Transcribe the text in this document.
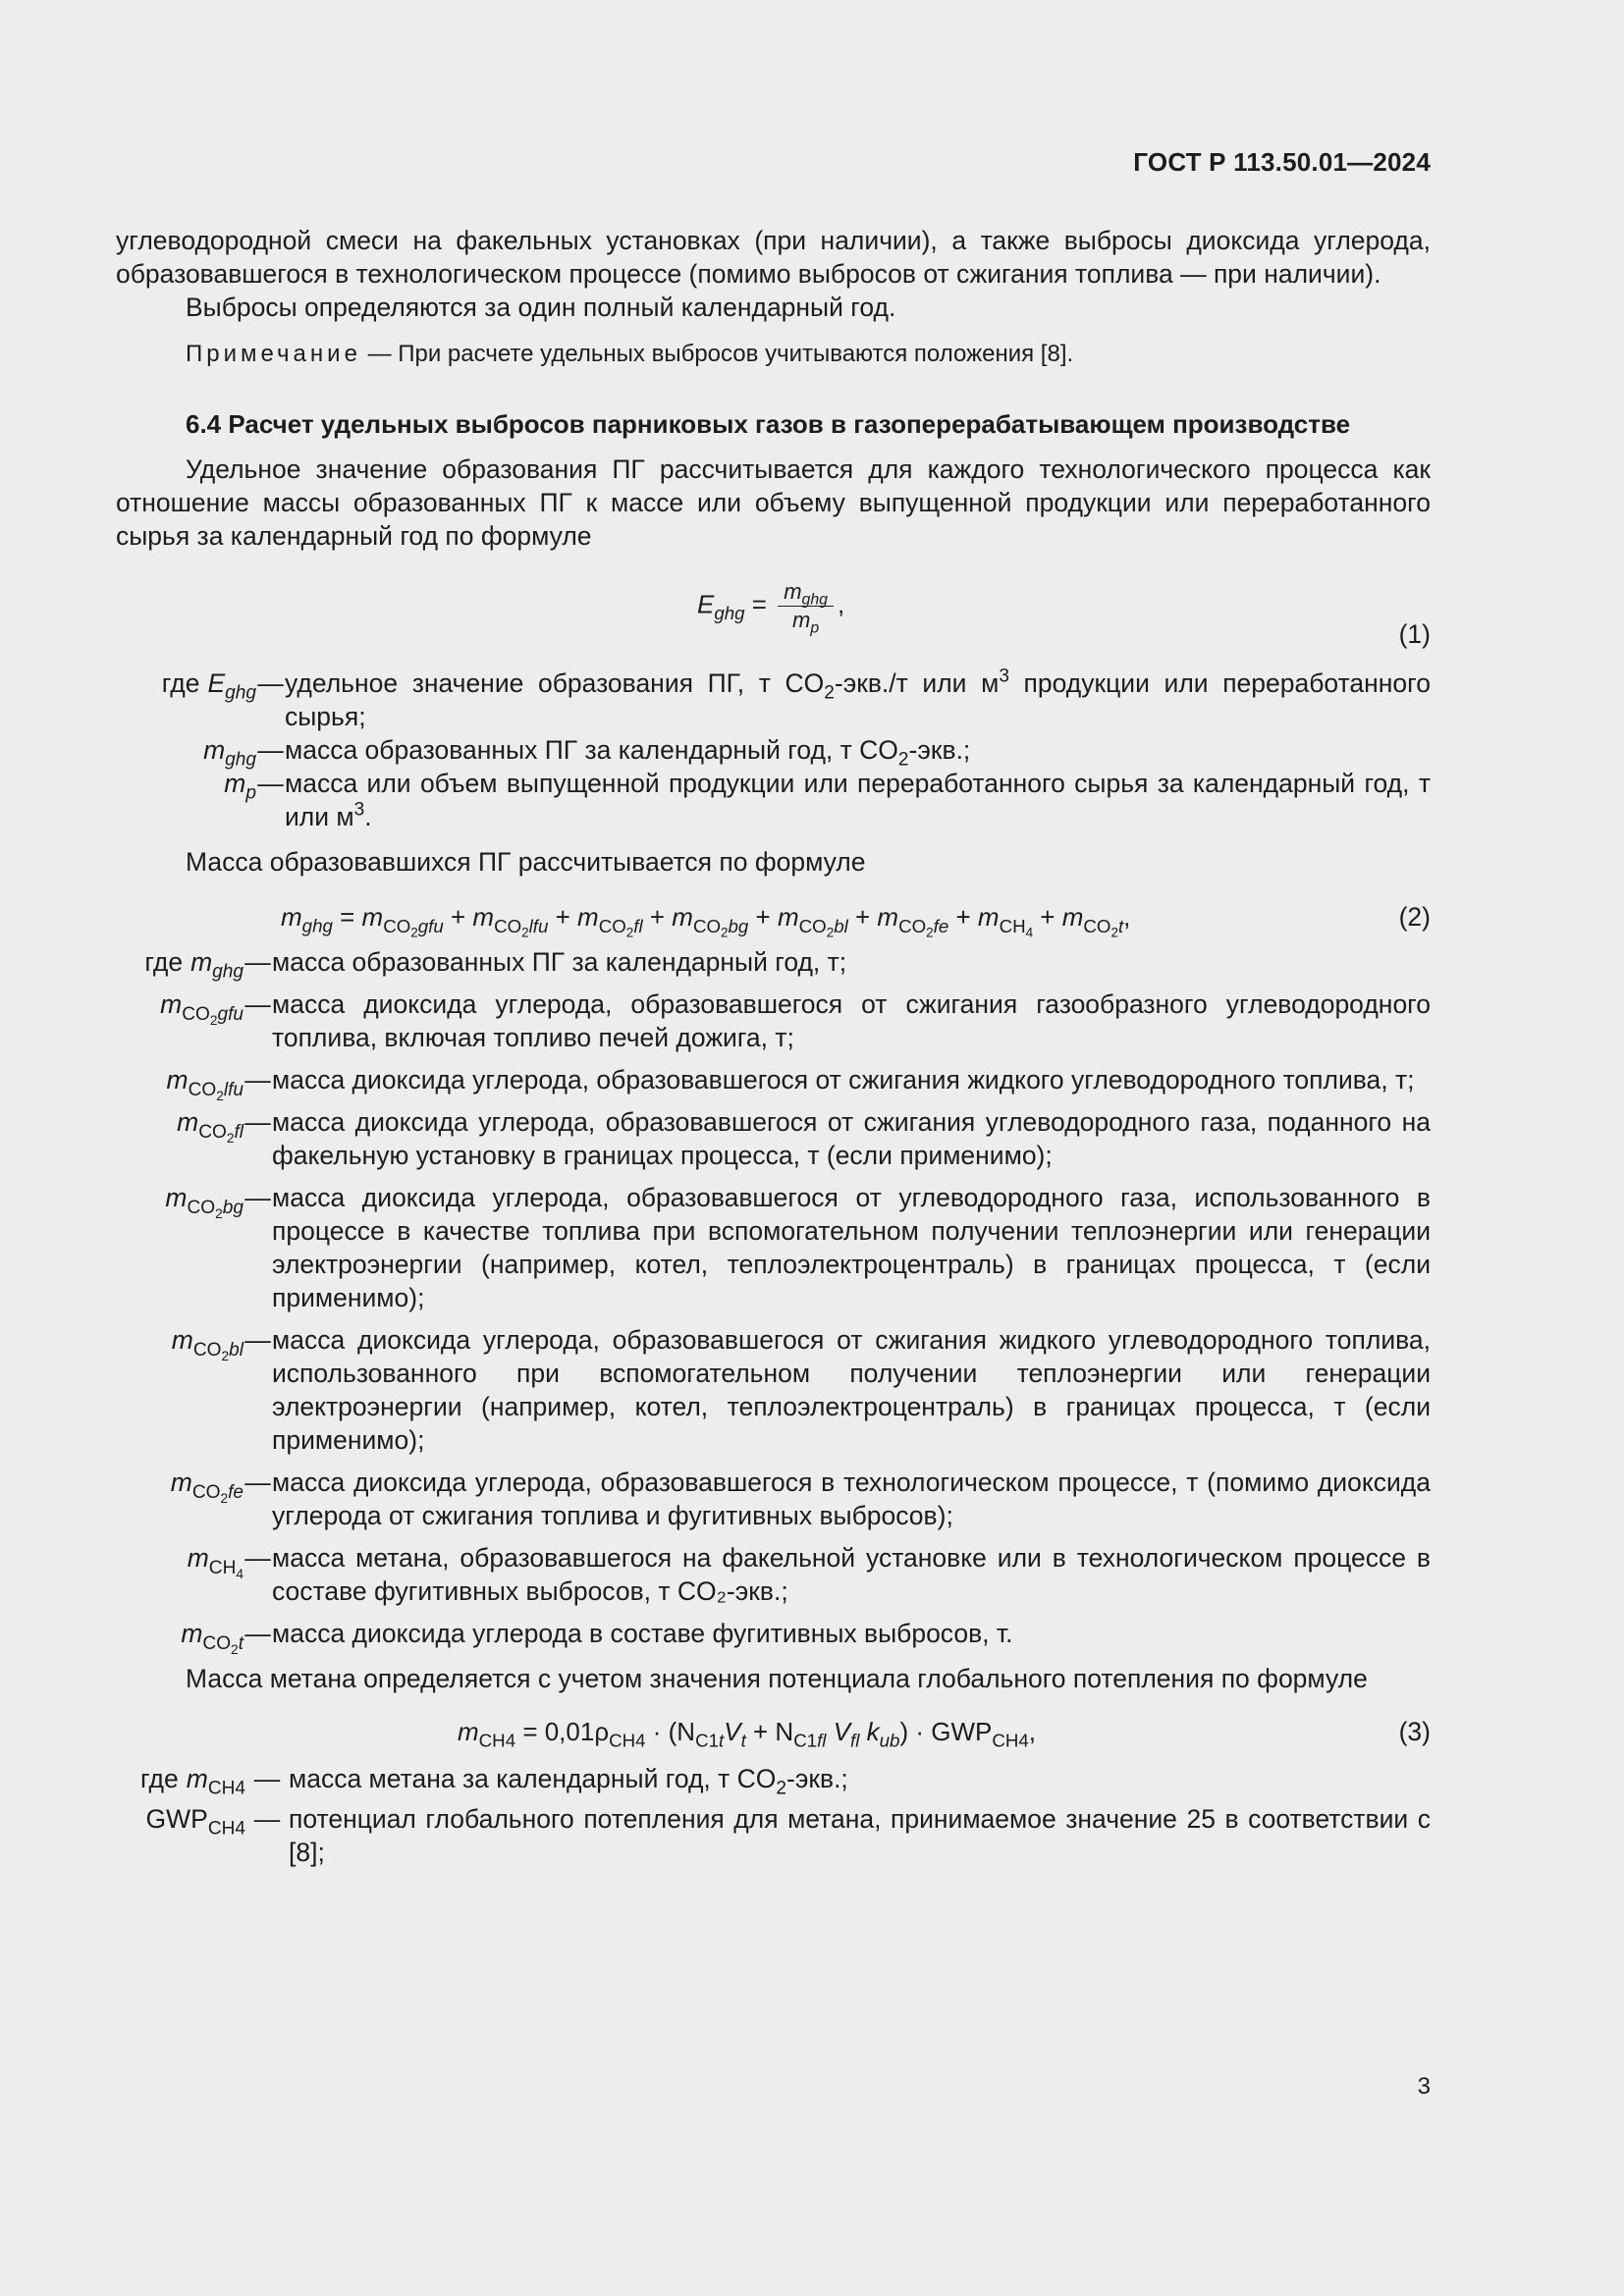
ГОСТ Р 113.50.01—2024

углеводородной смеси на факельных установках (при наличии), а также выбросы диоксида углерода, образовавшегося в технологическом процессе (помимо выбросов от сжигания топлива — при наличии).

Выбросы определяются за один полный календарный год.

Примечание — При расчете удельных выбросов учитываются положения [8].
6.4 Расчет удельных выбросов парниковых газов в газоперерабатывающем производстве

Удельное значение образования ПГ рассчитывается для каждого технологического процесса как отношение массы образованных ПГ к массе или объему выпущенной продукции или переработанного сырья за календарный год по формуле

$E_{ghg} = \frac{m_{ghg}}{m_p}$ ,
(1)
где $E_{ghg}$ — удельное значение образования ПГ, т $CO_2-экв./т$ или $м^3$ продукции или переработанного сырья;
$m_{ghg}$ — масса образованных ПГ за календарный год, т $CO_2$-экв.;
$m_p$ — масса или объем выпущенной продукции или переработанного сырья за календарный год, т или $м^3$.

Масса образовавшихся ПГ рассчитывается по формуле

$m_{ghg} = m_{CO_2gfu} + m_{CO_2lfu} + m_{CO_2fl} + m_{CO_2bg} + m_{CO_2bl} + m_{CO_2fe} + m_{CH_4} + m_{CO_2t}$,	(2)
где $m_{ghg}$ — масса образованных ПГ за календарный год, т;
$m_{CO_2gfu}$ — масса диоксида углерода, образовавшегося от сжигания газообразного углеводородного топлива, включая топливо печей дожига, т;
$m_{CO_2lfu}$ — масса диоксида углерода, образовавшегося от сжигания жидкого углеводородного топлива, т;
$m_{CO_2fl}$ — масса диоксида углерода, образовавшегося от сжигания углеводородного газа, поданного на факельную установку в границах процесса, т (если применимо);
$m_{CO_2bg}$ — масса диоксида углерода, образовавшегося от углеводородного газа, использованного в процессе в качестве топлива при вспомогательном получении теплоэнергии или генерации электроэнергии (например, котел, теплоэлектроцентраль) в границах процесса, т (если применимо);
$m_{CO_2bl}$ — масса диоксида углерода, образовавшегося от сжигания жидкого углеводородного топлива, использованного при вспомогательном получении теплоэнергии или генерации электроэнергии (например, котел, теплоэлектроцентраль) в границах процесса, т (если применимо);
$m_{CO_2fe}$ — масса диоксида углерода, образовавшегося в технологическом процессе, т (помимо диоксида углерода от сжигания топлива и фугитивных выбросов);
$m_{CH_4}$
— масса метана, образовавшегося на факельной установке или в технологическом процессе в составе фугитивных выбросов, т CO₂-экв.;
$m_{CO_2t}$ — масса диоксида углерода в составе фугитивных выбросов, т.

Масса метана определяется с учетом значения потенциала глобального потепления по формуле

$m_{CH4} = 0,01\rho_{CH4} \cdot (N_{C1t}V_t + N_{C1fl}$ $V_{fl}$ $k_{ub}) \cdot GWP_{CH4}$,	(3)
где $m_{CH4}$ — масса метана за календарный год, т $CO_2$-экв.;
$GWP_{CH4}$ — потенциал глобального потепления для метана, принимаемое значение 25 в соответствии с [8];
3
